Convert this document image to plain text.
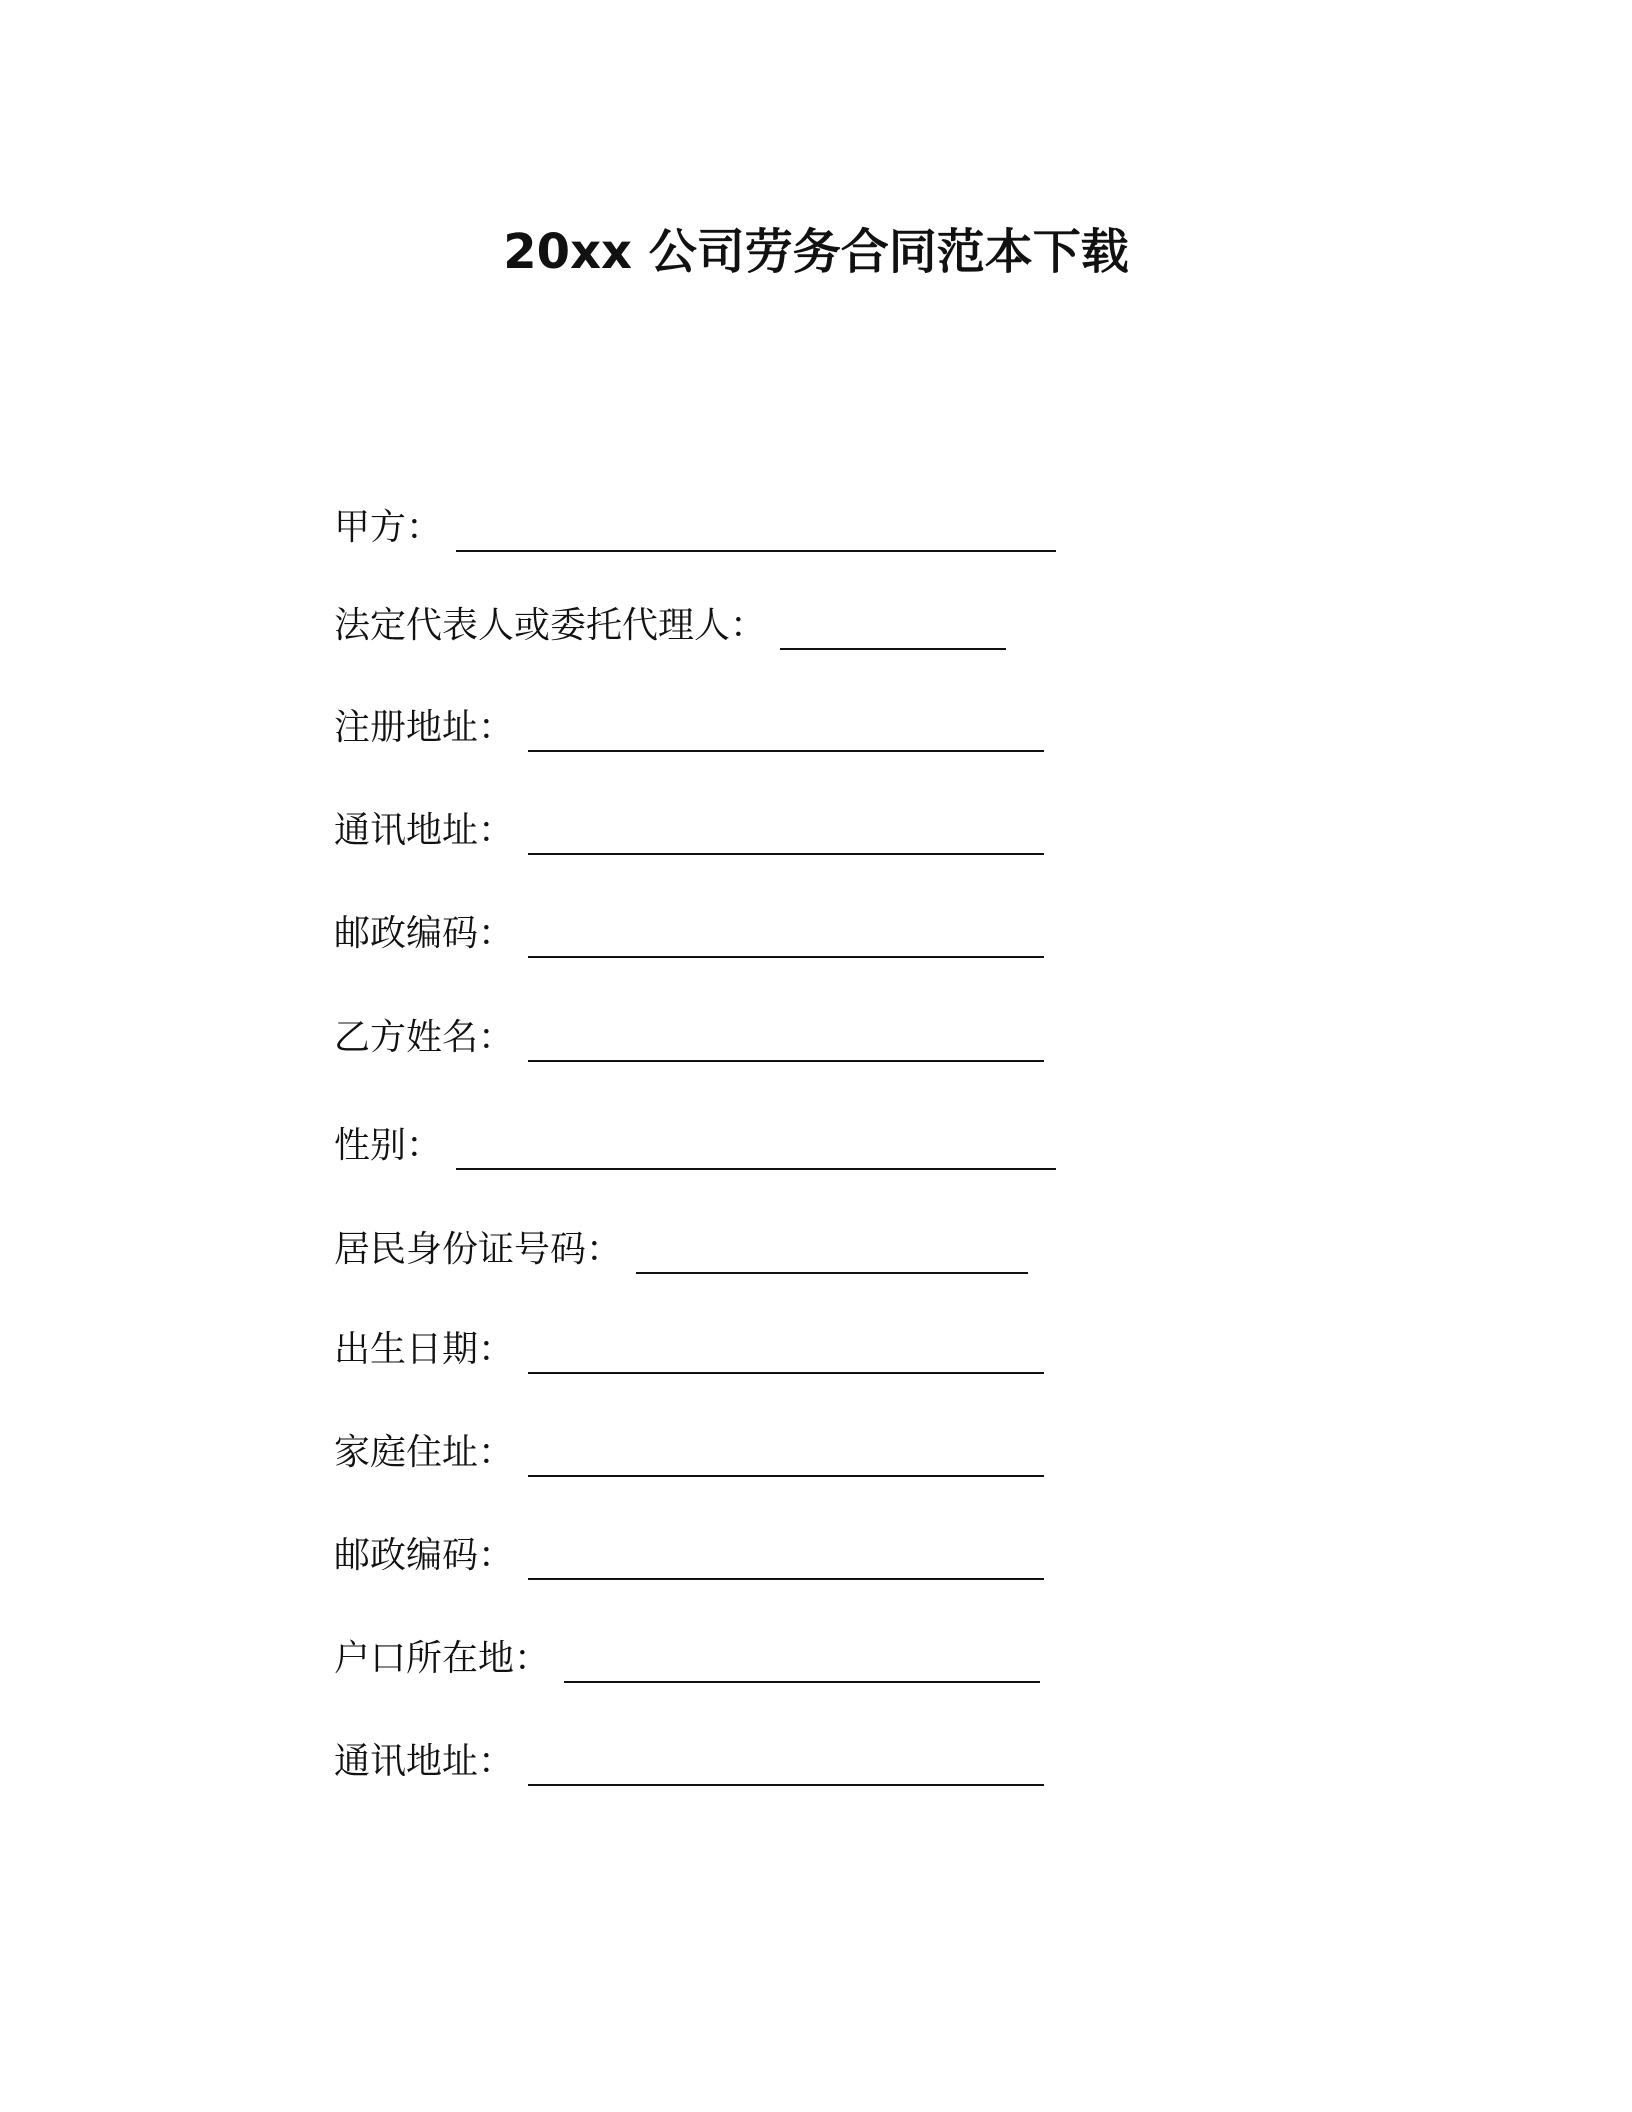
20xx 公司劳务合同范本下载
甲方：
法定代表人或委托代理人：
注册地址：
通讯地址：
邮政编码：
乙方姓名：
性别：
居民身份证号码：
出生日期：
家庭住址：
邮政编码：
户口所在地：
通讯地址：
